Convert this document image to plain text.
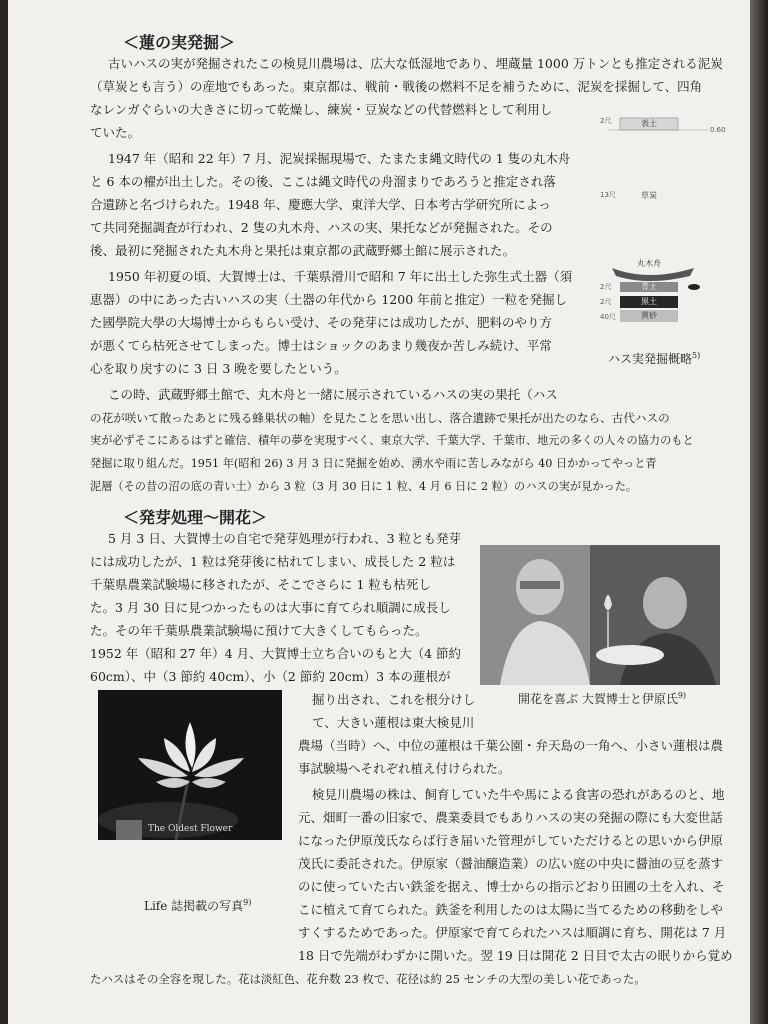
＜蓮の実発掘＞
古いハスの実が発掘されたこの検見川農場は、広大な低湿地であり、埋蔵量 1000 万トンとも推定される泥炭
（草炭とも言う）の産地でもあった。東京都は、戦前・戦後の燃料不足を補うために、泥炭を採掘して、四角
なレンガぐらいの大きさに切って乾燥し、練炭・豆炭などの代替燃料として利用し
ていた。
1947 年（昭和 22 年）7 月、泥炭採掘現場で、たまたま縄文時代の 1 隻の丸木舟
と 6 本の櫂が出土した。その後、ここは縄文時代の舟溜まりであろうと推定され落
合遺跡と名づけられた。1948 年、慶應大学、東洋大学、日本考古学研究所によっ
て共同発掘調査が行われ、2 隻の丸木舟、ハスの実、果托などが発掘された。その
後、最初に発掘された丸木舟と果托は東京都の武蔵野郷土館に展示された。
1950 年初夏の頃、大賀博士は、千葉県滑川で昭和 7 年に出土した弥生式土器（須
恵器）の中にあった古いハスの実（土器の年代から 1200 年前と推定）一粒を発掘し
た國學院大學の大場博士からもらい受け、その発芽には成功したが、肥料のやり方
が悪くてら枯死させてしまった。博士はショックのあまり幾夜か苦しみ続け、平常
心を取り戻すのに 3 日 3 晩を要したという。
この時、武蔵野郷土館で、丸木舟と一緒に展示されているハスの実の果托（ハス
の花が咲いて散ったあとに残る蜂巣状の軸）を見たことを思い出し、落合遺跡で果托が出たのなら、古代ハスの
実が必ずそこにあるはずと確信、積年の夢を実現すべく、東京大学、千葉大学、千葉市、地元の多くの人々の協力のもと
発掘に取り組んだ。1951 年(昭和 26) 3 月 3 日に発掘を始め、湧水や雨に苦しみながら 40 日かかってやっと青
泥層（その昔の沼の底の青い土）から 3 粒（3 月 30 日に 1 粒、4 月 6 日に 2 粒）のハスの実が見かった。
2尺
0.60
表土
13尺	草炭
丸木舟
2尺	青土
2尺	黒土
40尺	黄砂
ハス実発掘概略$^{5)}$
＜発芽処理～開花＞
5 月 3 日、大賀博士の自宅で発芽処理が行われ、3 粒とも発芽
には成功したが、1 粒は発芽後に枯れてしまい、成長した 2 粒は
千葉県農業試験場に移されたが、そこでさらに 1 粒も枯死し
た。3 月 30 日に見つかったものは大事に育てられ順調に成長し
た。その年千葉県農業試験場に預けて大きくしてもらった。
1952 年（昭和 27 年）4 月、大賀博士立ち合いのもと大（4 節約
60cm）、中（3 節約 40cm）、小（2 節約 20cm）3 本の蓮根が
掘り出され、これを根分けし
て、大きい蓮根は東大検見川
農場（当時）へ、中位の蓮根は千葉公園・弁天島の一角へ、小さい蓮根は農
事試験場へそれぞれ植え付けられた。
検見川農場の株は、飼育していた牛や馬による食害の恐れがあるのと、地
元、畑町一番の旧家で、農業委員でもありハスの実の発掘の際にも大変世話
になった伊原茂氏ならば行き届いた管理がしていただけるとの思いから伊原
茂氏に委託された。伊原家（醤油醸造業）の広い庭の中央に醤油の豆を蒸す
のに使っていた古い鉄釜を据え、博士からの指示どおり田圃の土を入れ、そ
こに植えて育てられた。鉄釜を利用したのは太陽に当てるための移動をしや
すくするためであった。伊原家で育てられたハスは順調に育ち、開花は 7 月
18 日で先端がわずかに開いた。翌 19 日は開花 2 日目で太古の眠りから覚め
たハスはその全容を現した。花は淡紅色、花弁数 23 枚で、花径は約 25 センチの大型の美しい花であった。
開花を喜ぶ 大賀博士と伊原氏$^{9)}$
The Oldest Flower
Life 誌掲載の写真$^{9)}$
